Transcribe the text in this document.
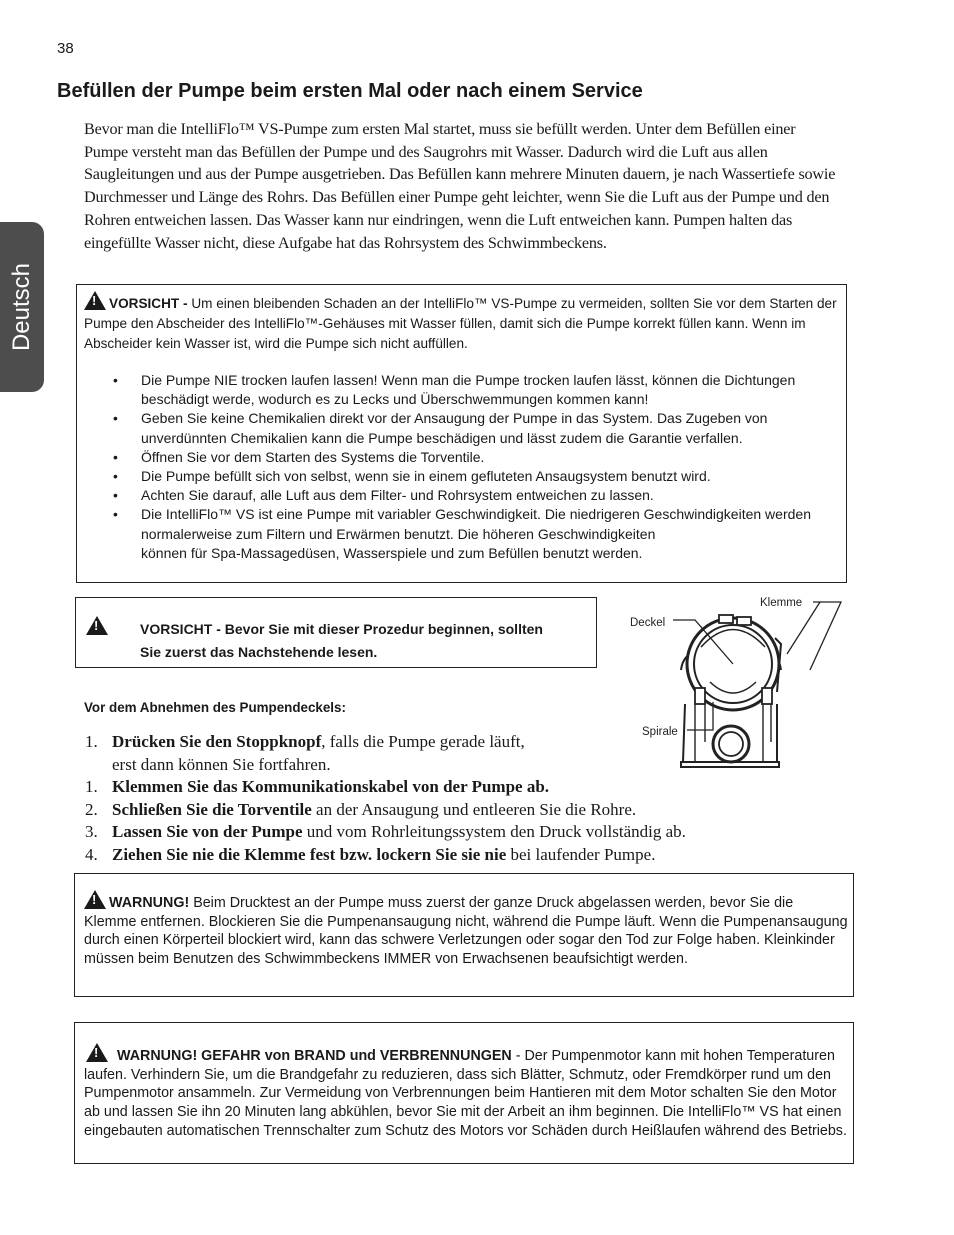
38
Deutsch
Befüllen der Pumpe beim ersten Mal oder nach einem Service
Bevor man die IntelliFlo™ VS-Pumpe zum ersten Mal startet, muss sie befüllt werden. Unter dem Befüllen einer Pumpe versteht man das Befüllen der Pumpe und des Saugrohrs mit Wasser. Dadurch wird die Luft aus allen Saugleitungen und aus der Pumpe ausgetrieben. Das Befüllen kann mehrere Minuten dauern, je nach Wassertiefe sowie Durchmesser und Länge des Rohrs. Das Befüllen einer Pumpe geht leichter, wenn Sie die Luft aus der Pumpe und den Rohren entweichen lassen. Das Wasser kann nur eindringen, wenn die Luft entweichen kann. Pumpen halten das eingefüllte Wasser nicht, diese Aufgabe hat das Rohrsystem des Schwimmbeckens.
!VORSICHT - Um einen bleibenden Schaden an der IntelliFlo™ VS-Pumpe zu vermeiden, sollten Sie vor dem Starten der Pumpe den Abscheider des IntelliFlo™-Gehäuses mit Wasser füllen, damit sich die Pumpe korrekt füllen kann. Wenn im Abscheider kein Wasser ist, wird die Pumpe sich nicht auffüllen.
• Die Pumpe NIE trocken laufen lassen! Wenn man die Pumpe trocken laufen lässt, können die Dichtungen beschädigt werde, wodurch es zu Lecks und Überschwemmungen kommen kann!
• Geben Sie keine Chemikalien direkt vor der Ansaugung der Pumpe in das System. Das Zugeben von unverdünnten Chemikalien kann die Pumpe beschädigen und lässt zudem die Garantie verfallen.
• Öffnen Sie vor dem Starten des Systems die Torventile.
• Die Pumpe befüllt sich von selbst, wenn sie in einem gefluteten Ansaugsystem benutzt wird.
• Achten Sie darauf, alle Luft aus dem Filter- und Rohrsystem entweichen zu lassen.
• Die IntelliFlo™ VS ist eine Pumpe mit variabler Geschwindigkeit. Die niedrigeren Geschwindigkeiten werden normalerweise zum Filtern und Erwärmen benutzt. Die höheren Geschwindigkeiten
können für Spa-Massagedüsen, Wasserspiele und zum Befüllen benutzt werden.
!
VORSICHT - Bevor Sie mit dieser Prozedur beginnen, sollten
Sie zuerst das Nachstehende lesen.
Klemme
Deckel
Spirale
Vor dem Abnehmen des Pumpendeckels:
1. Drücken Sie den Stoppknopf, falls die Pumpe gerade läuft,
erst dann können Sie fortfahren.
1. Klemmen Sie das Kommunikationskabel von der Pumpe ab.
2. Schließen Sie die Torventile an der Ansaugung und entleeren Sie die Rohre.
3. Lassen Sie von der Pumpe und vom Rohrleitungssystem den Druck vollständig ab.
4. Ziehen Sie nie die Klemme fest bzw. lockern Sie sie nie bei laufender Pumpe.
!WARNUNG! Beim Drucktest an der Pumpe muss zuerst der ganze Druck abgelassen werden, bevor Sie die Klemme entfernen. Blockieren Sie die Pumpenansaugung nicht, während die Pumpe läuft. Wenn die Pumpenansaugung durch einen Körperteil blockiert wird, kann das schwere Verletzungen oder sogar den Tod zur Folge haben. Kleinkinder müssen beim Benutzen des Schwimmbeckens IMMER von Erwachsenen beaufsichtigt werden.
!WARNUNG! GEFAHR von BRAND und VERBRENNUNGEN - Der Pumpenmotor kann mit hohen Temperaturen laufen. Verhindern Sie, um die Brandgefahr zu reduzieren, dass sich Blätter, Schmutz, oder Fremdkörper rund um den Pumpenmotor ansammeln. Zur Vermeidung von Verbrennungen beim Hantieren mit dem Motor schalten Sie den Motor ab und lassen Sie ihn 20 Minuten lang abkühlen, bevor Sie mit der Arbeit an ihm beginnen. Die IntelliFlo™ VS hat einen eingebauten automatischen Trennschalter zum Schutz des Motors vor Schäden durch Heißlaufen während des Betriebs.
